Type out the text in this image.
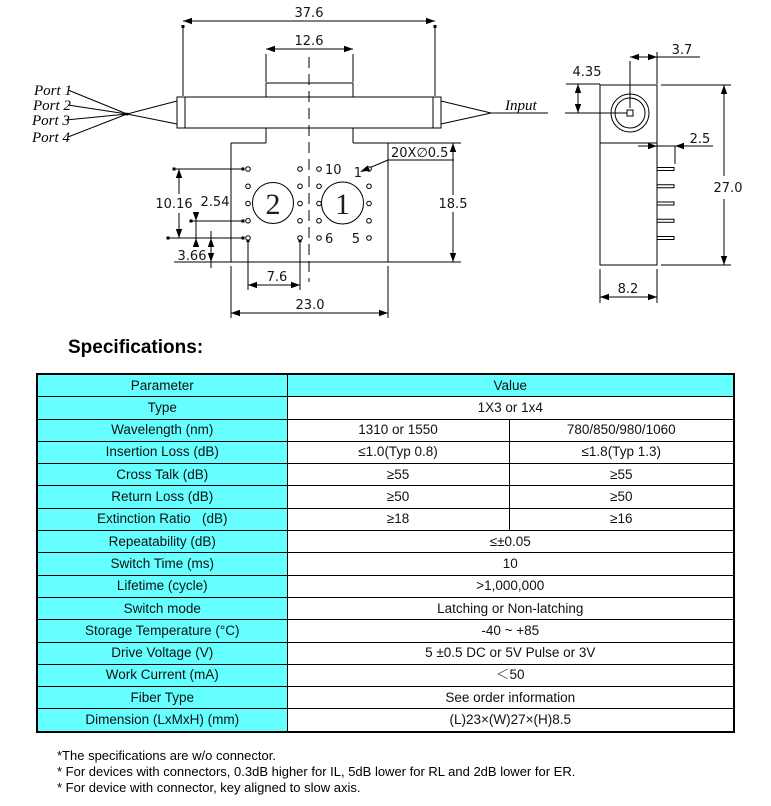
Port 1
Port 2
Port 3
Port 4
Input
37.6
12.6
18.5
10.16 2.54
3.66
7.6
23.0
20X∅0.5
10 1
6 5
2 1
3.7
4.35
2.5
27.0
8.2
Specifications:
Parameter	Value	
Type	1X3 or 1x4	
Wavelength (nm)	1310 or 1550	780/850/980/1060
Insertion Loss (dB)	≤1.0(Typ 0.8)	≤1.8(Typ 1.3)
Cross Talk (dB)	≥55	≥55
Return Loss (dB)	≥50	≥50
Extinction Ratio   (dB)	≥18	≥16
Repeatability (dB)	≤±0.05	
Switch Time (ms)	10	
Lifetime (cycle)	>1,000,000	
Switch mode	Latching or Non-latching	
Storage Temperature (°C)	-40 ~ +85	
Drive Voltage (V)	5 ±0.5 DC or 5V Pulse or 3V	
Work Current (mA)	＜50	
Fiber Type	See order information	
Dimension (LxMxH) (mm)	(L)23×(W)27×(H)8.5	
*The specifications are w/o connector.
* For devices with connectors, 0.3dB higher for IL, 5dB lower for RL and 2dB lower for ER.
* For device with connector, key aligned to slow axis.
